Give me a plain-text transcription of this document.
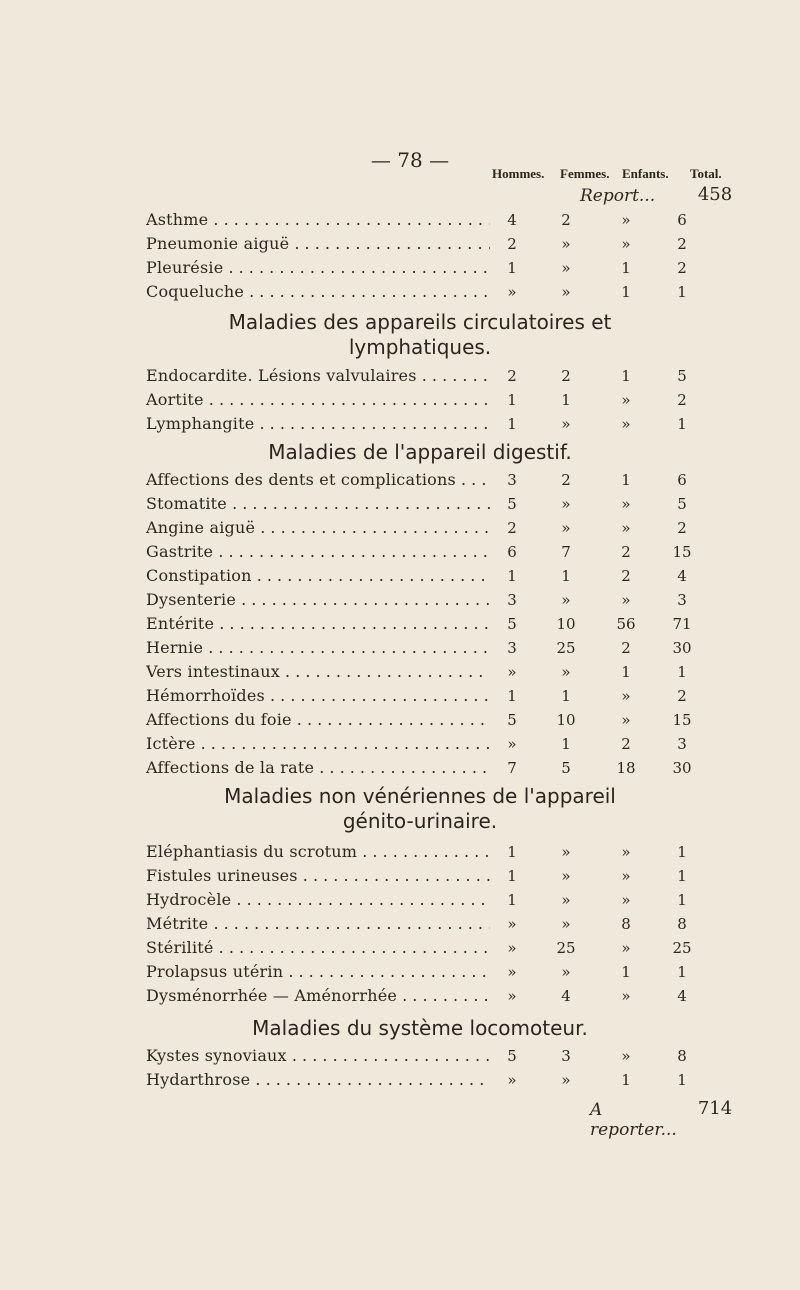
— 78 —
Hommes. Femmes. Enfants. Total.
Report...	458
Asthme . . .	4	2	»	6
Pneumonie aiguë . . .	2	»	»	2
Pleurésie . . .	1	»	1	2
Coqueluche . . .	»	»	1	1
Maladies des appareils circulatoires et lymphatiques.
Endocardite. Lésions valvulaires . . .	2	2	1	5
Aortite . . .	1	1	»	2
Lymphangite . . .	1	»	»	1
Maladies de l'appareil digestif.
Affections des dents et complications . . .	3	2	1	6
Stomatite . . .	5	»	»	5
Angine aiguë . . .	2	»	»	2
Gastrite . . .	6	7	2	15
Constipation . . .	1	1	2	4
Dysenterie . . .	3	»	»	3
Entérite . . .	5	10	56	71
Hernie . . .	3	25	2	30
Vers intestinaux . . .	»	»	1	1
Hémorrhoïdes . . .	1	1	»	2
Affections du foie . . .	5	10	»	15
Ictère . . .	»	1	2	3
Affections de la rate . . .	7	5	18	30
Maladies non vénériennes de l'appareil génito-urinaire.
Eléphantiasis du scrotum . . .	1	»	»	1
Fistules urineuses . . .	1	»	»	1
Hydrocèle . . .	1	»	»	1
Métrite . . .	»	»	8	8
Stérilité . . .	»	25	»	25
Prolapsus utérin . . .	»	»	1	1
Dysménorrhée — Aménorrhée . . .	»	4	»	4
Maladies du système locomoteur.
Kystes synoviaux . . .	5	3	»	8
Hydarthrose . . .	»	»	1	1
A reporter...
714
